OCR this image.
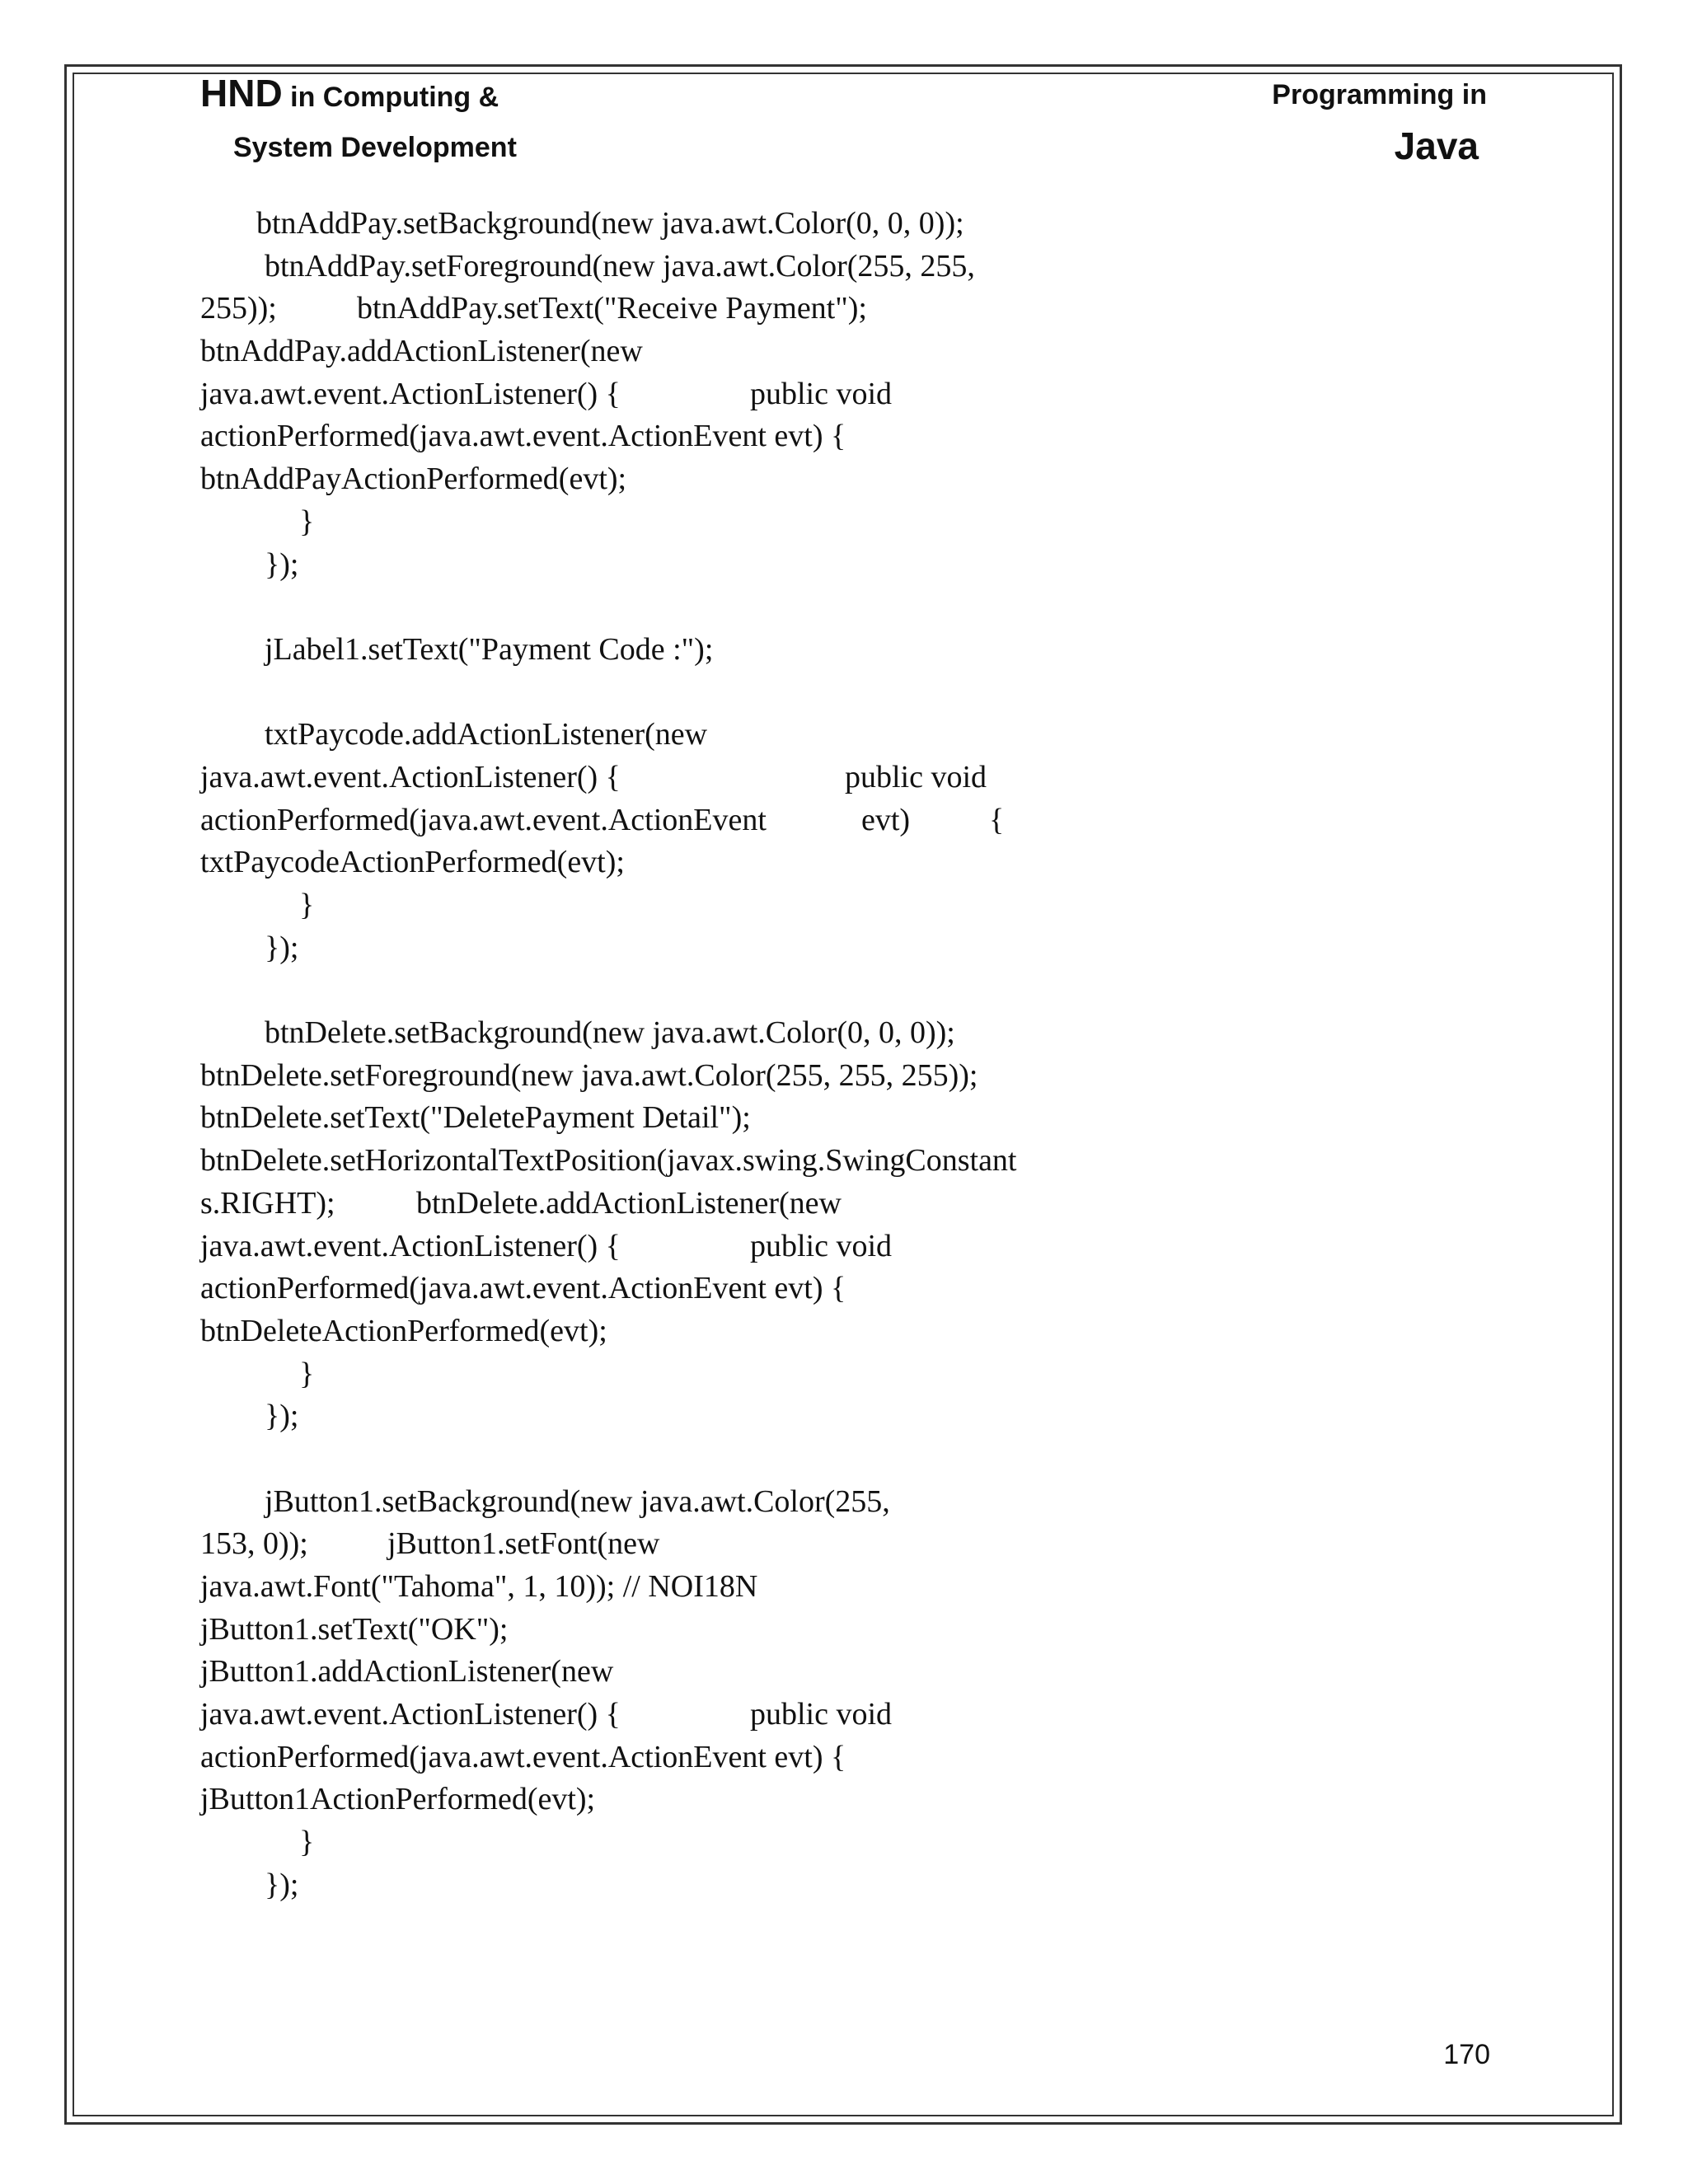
HND in Computing &
System Development
Programming in
Java
btnAddPay.setBackground(new java.awt.Color(0, 0, 0));
btnAddPay.setForeground(new java.awt.Color(255, 255,
255));	btnAddPay.setText("Receive Payment");
btnAddPay.addActionListener(new
java.awt.event.ActionListener() {	public void
actionPerformed(java.awt.event.ActionEvent evt) {
btnAddPayActionPerformed(evt);
}
});
jLabel1.setText("Payment Code :");
txtPaycode.addActionListener(new
java.awt.event.ActionListener() {	public void
actionPerformed(java.awt.event.ActionEvent	evt)	{
txtPaycodeActionPerformed(evt);
}
});
btnDelete.setBackground(new java.awt.Color(0, 0, 0));
btnDelete.setForeground(new java.awt.Color(255, 255, 255));
btnDelete.setText("DeletePayment Detail");
btnDelete.setHorizontalTextPosition(javax.swing.SwingConstant
s.RIGHT);	btnDelete.addActionListener(new
java.awt.event.ActionListener() {	public void
actionPerformed(java.awt.event.ActionEvent evt) {
btnDeleteActionPerformed(evt);
}
});
jButton1.setBackground(new java.awt.Color(255,
153, 0));	jButton1.setFont(new
java.awt.Font("Tahoma", 1, 10)); // NOI18N
jButton1.setText("OK");
jButton1.addActionListener(new
java.awt.event.ActionListener() {	public void
actionPerformed(java.awt.event.ActionEvent evt) {
jButton1ActionPerformed(evt);
}
});
170
